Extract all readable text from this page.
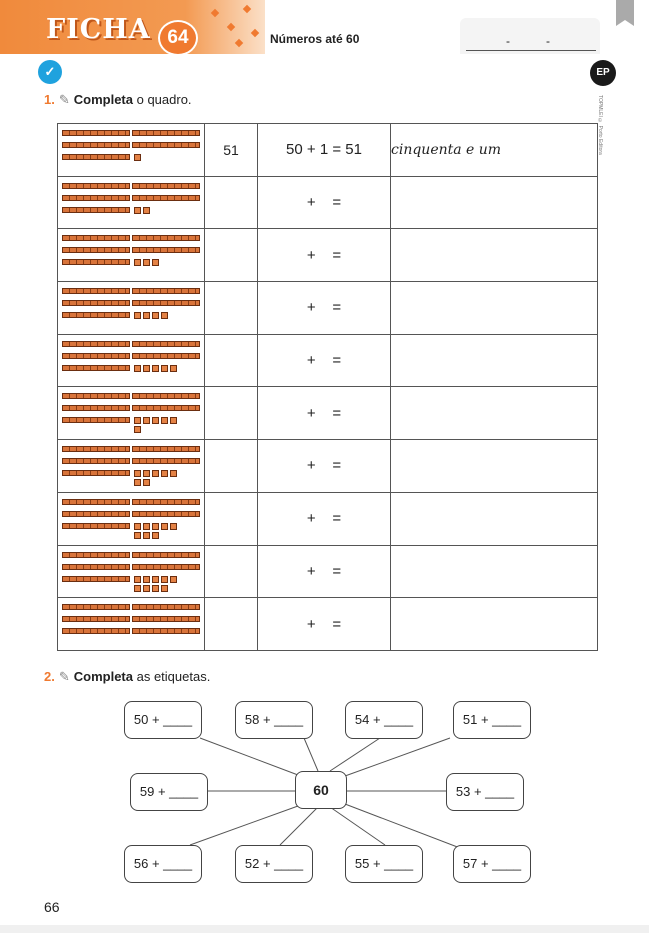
FICHA 64	Números até 60	-	-
✓	EP
TOPMLEI © Porto Editora
1. ✎ Completa o quadro.
	51	50 + 1 = 51	cinquenta e um

		+    =	

		+    =	

		+    =	

		+    =	

		+    =	

		+    =	

		+    =	

		+    =	

		+    =	
2. ✎ Completa as etiquetas.
50 + ____	58 + ____	54 + ____	51 + ____
59 + ____	60	53 + ____
56 + ____	52 + ____	55 + ____	57 + ____
66
